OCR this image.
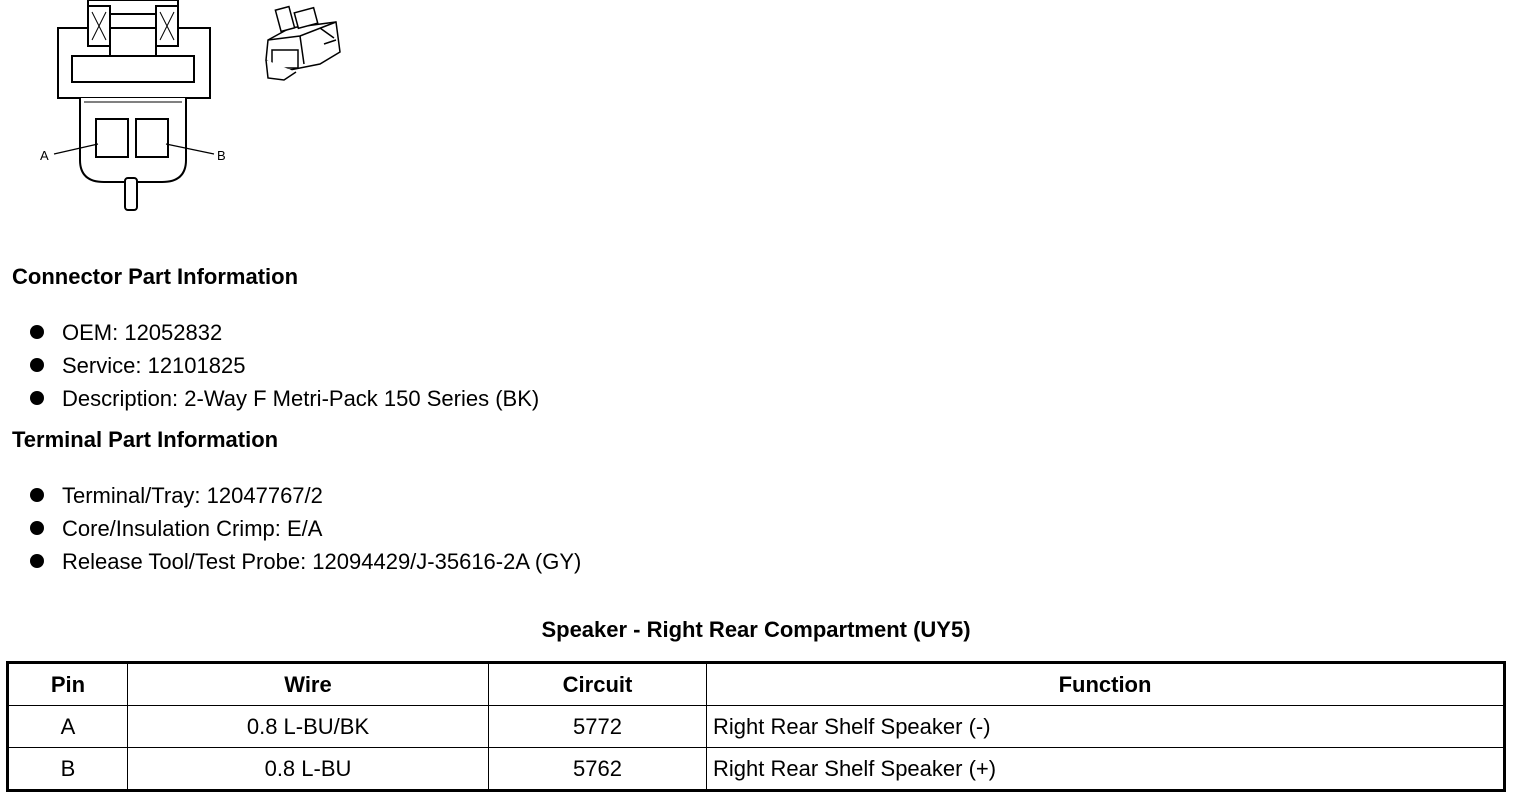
A	B
Connector Part Information
OEM: 12052832
Service: 12101825
Description: 2-Way F Metri-Pack 150 Series (BK)
Terminal Part Information
Terminal/Tray: 12047767/2
Core/Insulation Crimp: E/A
Release Tool/Test Probe: 12094429/J-35616-2A (GY)
Speaker - Right Rear Compartment (UY5)
Pin	Wire	Circuit	Function
A	0.8 L-BU/BK	5772	Right Rear Shelf Speaker (-)
B	0.8 L-BU	5762	Right Rear Shelf Speaker (+)
